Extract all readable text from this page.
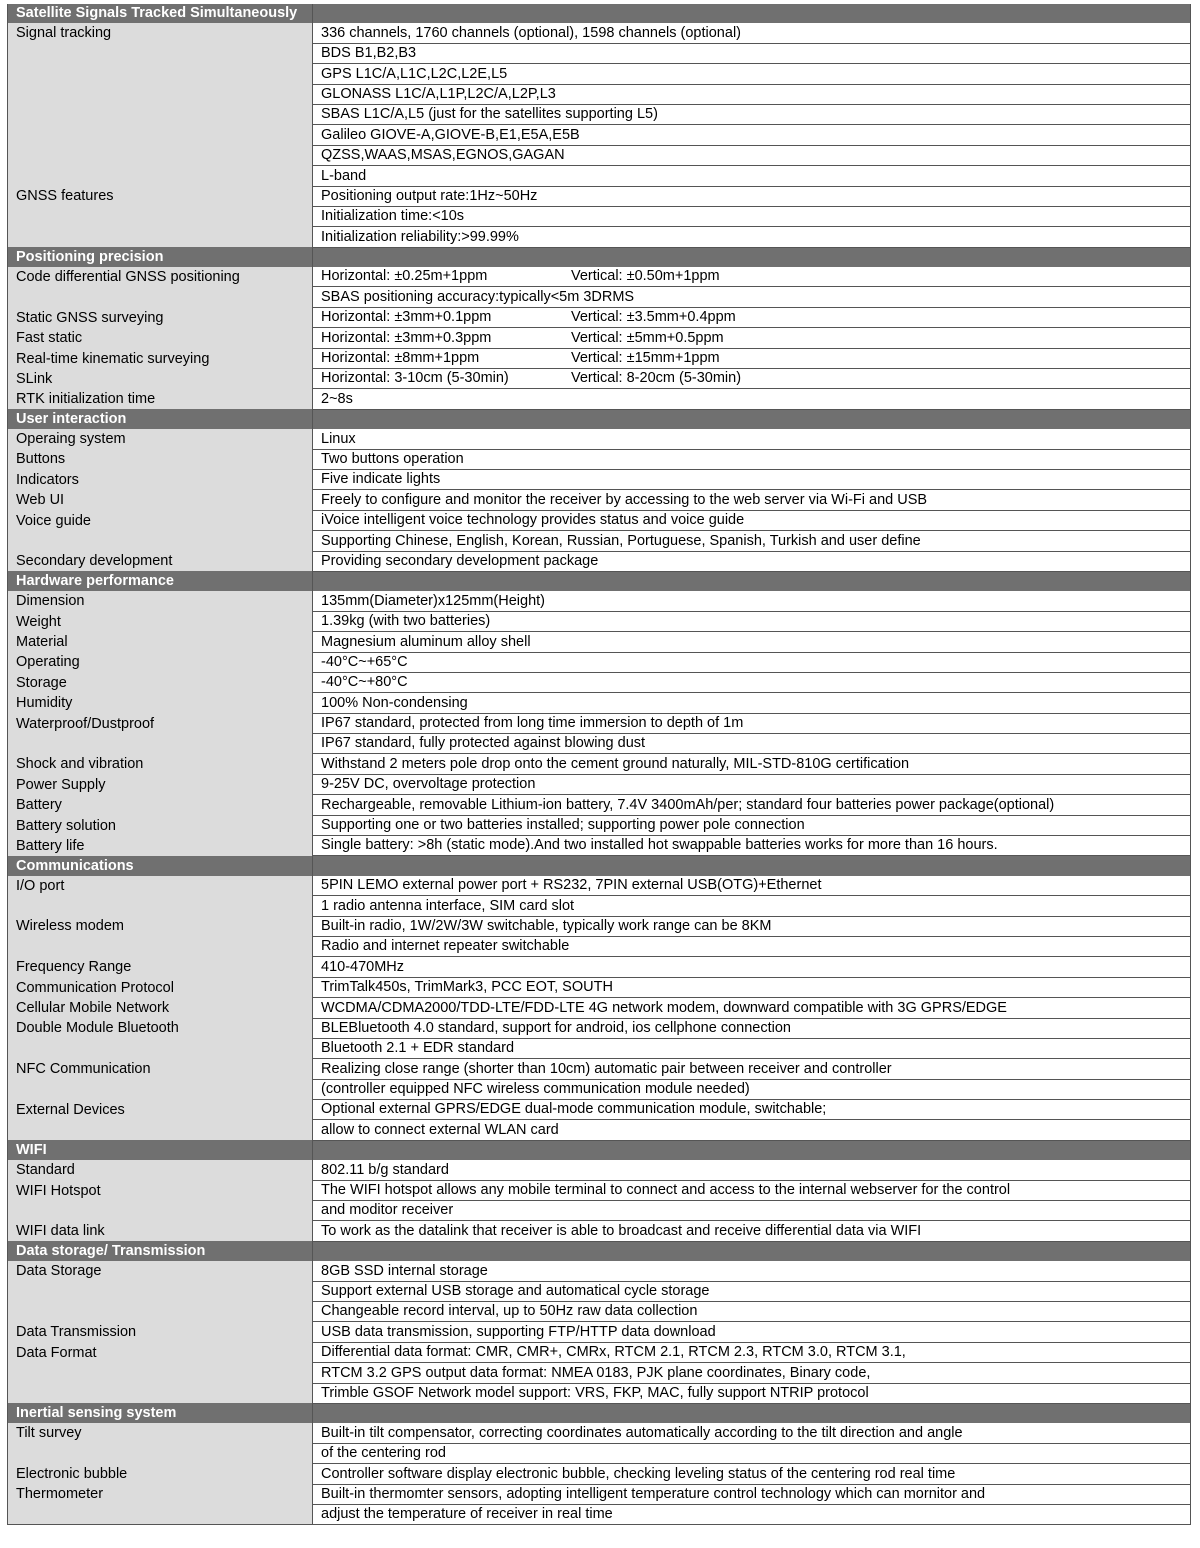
Satellite Signals Tracked Simultaneously	
Signal tracking	336 channels, 1760 channels (optional), 1598 channels (optional)
	BDS B1,B2,B3
	GPS L1C/A,L1C,L2C,L2E,L5
	GLONASS L1C/A,L1P,L2C/A,L2P,L3
	SBAS L1C/A,L5 (just for the satellites supporting L5)
	Galileo GIOVE-A,GIOVE-B,E1,E5A,E5B
	QZSS,WAAS,MSAS,EGNOS,GAGAN
	L-band
GNSS features	Positioning output rate:1Hz~50Hz
	Initialization time:<10s
	Initialization reliability:>99.99%
Positioning precision	
Code differential GNSS positioning	Horizontal: ±0.25m+1ppm Vertical: ±0.50m+1ppm
	SBAS positioning accuracy:typically<5m 3DRMS
Static GNSS surveying	Horizontal: ±3mm+0.1ppm Vertical: ±3.5mm+0.4ppm
Fast static	Horizontal: ±3mm+0.3ppm Vertical: ±5mm+0.5ppm
Real-time kinematic surveying	Horizontal: ±8mm+1ppm Vertical: ±15mm+1ppm
SLink	Horizontal: 3-10cm (5-30min) Vertical: 8-20cm (5-30min)
RTK initialization time	2~8s
User interaction	
Operaing system	Linux
Buttons	Two buttons operation
Indicators	Five indicate lights
Web UI	Freely to configure and monitor the receiver by accessing to the web server via Wi-Fi and USB
Voice guide	iVoice intelligent voice technology provides status and voice guide
	Supporting Chinese, English, Korean, Russian, Portuguese, Spanish, Turkish and user define
Secondary development	Providing secondary development package
Hardware performance	
Dimension	135mm(Diameter)x125mm(Height)
Weight	1.39kg (with two batteries)
Material	Magnesium aluminum alloy shell
Operating	-40°C~+65°C
Storage	-40°C~+80°C
Humidity	100% Non-condensing
Waterproof/Dustproof	IP67 standard, protected from long time immersion to depth of 1m
	IP67 standard, fully protected against blowing dust
Shock and vibration	Withstand 2 meters pole drop onto the cement ground naturally, MIL-STD-810G certification
Power Supply	9-25V DC, overvoltage protection
Battery	Rechargeable, removable Lithium-ion battery, 7.4V 3400mAh/per; standard four batteries power package(optional)
Battery solution	Supporting one or two batteries installed; supporting power pole connection
Battery life	Single battery: >8h (static mode).And two installed hot swappable batteries works for more than 16 hours.
Communications	
I/O port	5PIN LEMO external power port + RS232, 7PIN external USB(OTG)+Ethernet
	1 radio antenna interface, SIM card slot
Wireless modem	Built-in radio, 1W/2W/3W switchable, typically work range can be 8KM
	Radio and internet repeater switchable
Frequency Range	410-470MHz
Communication Protocol	TrimTalk450s, TrimMark3, PCC EOT, SOUTH
Cellular Mobile Network	WCDMA/CDMA2000/TDD-LTE/FDD-LTE 4G network modem, downward compatible with 3G GPRS/EDGE
Double Module Bluetooth	BLEBluetooth 4.0 standard, support for android, ios cellphone connection
	Bluetooth 2.1 + EDR standard
NFC Communication	Realizing close range (shorter than 10cm) automatic pair between receiver and controller
	(controller equipped NFC wireless communication module needed)
External Devices	Optional external GPRS/EDGE dual-mode communication module, switchable;
	allow to connect external WLAN card
WIFI	
Standard	802.11 b/g standard
WIFI Hotspot	The WIFI hotspot allows any mobile terminal to connect and access to the internal webserver for the control
	and moditor receiver
WIFI data link	To work as the datalink that receiver is able to broadcast and receive differential data via WIFI
Data storage/ Transmission	
Data Storage	8GB SSD internal storage
	Support external USB storage and automatical cycle storage
	Changeable record interval, up to 50Hz raw data collection
Data Transmission	USB data transmission, supporting FTP/HTTP data download
Data Format	Differential data format: CMR, CMR+, CMRx, RTCM 2.1, RTCM 2.3, RTCM 3.0, RTCM 3.1,
	RTCM 3.2 GPS output data format: NMEA 0183, PJK plane coordinates, Binary code,
	Trimble GSOF Network model support: VRS, FKP, MAC, fully support NTRIP protocol
Inertial sensing system	
Tilt survey	Built-in tilt compensator, correcting coordinates automatically according to the tilt direction and angle
	of the centering rod
Electronic bubble	Controller software display electronic bubble, checking leveling status of the centering rod real time
Thermometer	Built-in thermomter sensors, adopting intelligent temperature control technology which can mornitor and
	adjust the temperature of receiver in real time
